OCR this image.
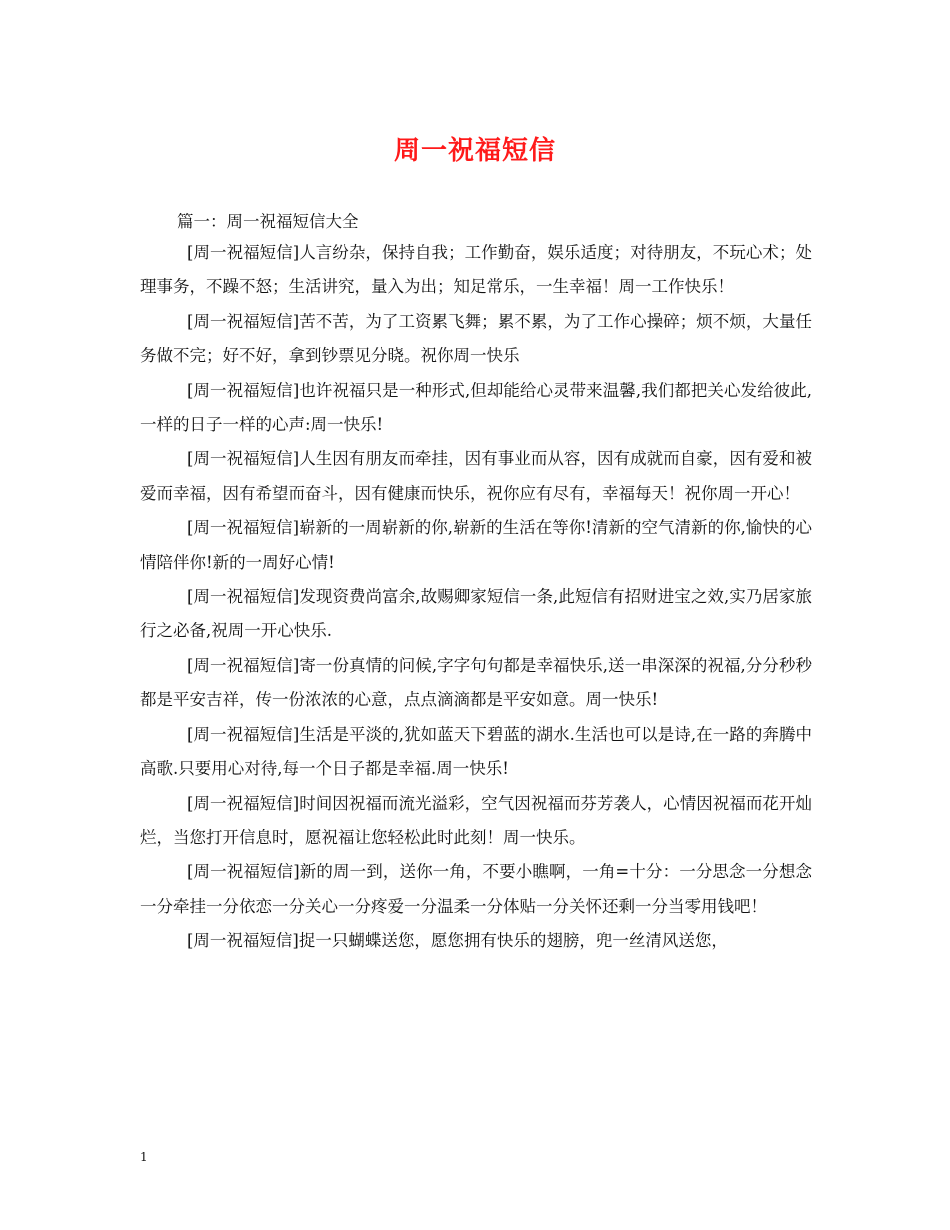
周一祝福短信
篇一：周一祝福短信大全

[周一祝福短信]人言纷杂，保持自我；工作勤奋，娱乐适度；对待朋友，不玩心术；处理事务，不躁不怒；生活讲究，量入为出；知足常乐，一生幸福！周一工作快乐！

[周一祝福短信]苦不苦，为了工资累飞舞；累不累，为了工作心操碎；烦不烦，大量任务做不完；好不好，拿到钞票见分晓。祝你周一快乐

[周一祝福短信]也许祝福只是一种形式,但却能给心灵带来温馨,我们都把关心发给彼此,一样的日子一样的心声:周一快乐!

[周一祝福短信]人生因有朋友而牵挂，因有事业而从容，因有成就而自豪，因有爱和被爱而幸福，因有希望而奋斗，因有健康而快乐，祝你应有尽有，幸福每天！祝你周一开心！

[周一祝福短信]崭新的一周崭新的你,崭新的生活在等你!清新的空气清新的你,愉快的心情陪伴你!新的一周好心情!

[周一祝福短信]发现资费尚富余,故赐卿家短信一条,此短信有招财进宝之效,实乃居家旅行之必备,祝周一开心快乐.

[周一祝福短信]寄一份真情的问候,字字句句都是幸福快乐,送一串深深的祝福,分分秒秒都是平安吉祥，传一份浓浓的心意，点点滴滴都是平安如意。周一快乐!

[周一祝福短信]生活是平淡的,犹如蓝天下碧蓝的湖水.生活也可以是诗,在一路的奔腾中高歌.只要用心对待,每一个日子都是幸福.周一快乐!

[周一祝福短信]时间因祝福而流光溢彩，空气因祝福而芬芳袭人，心情因祝福而花开灿烂，当您打开信息时，愿祝福让您轻松此时此刻！周一快乐。

[周一祝福短信]新的周一到，送你一角，不要小瞧啊，一角=十分：一分思念一分想念一分牵挂一分依恋一分关心一分疼爱一分温柔一分体贴一分关怀还剩一分当零用钱吧！

[周一祝福短信]捉一只蝴蝶送您，愿您拥有快乐的翅膀，兜一丝清风送您，

1
